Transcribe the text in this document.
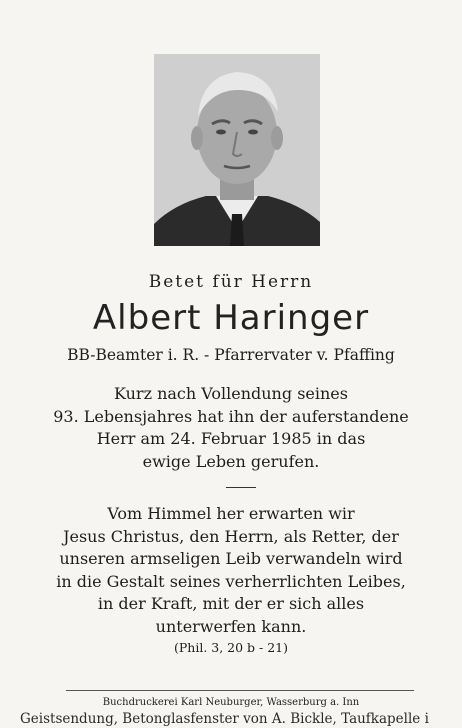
Betet für Herrn
Albert Haringer
BB-Beamter i. R. - Pfarrervater v. Pfaffing
Kurz nach Vollendung seines
93. Lebensjahres hat ihn der auferstandene
Herr am 24. Februar 1985 in das
ewige Leben gerufen.
Vom Himmel her erwarten wir
Jesus Christus, den Herrn, als Retter, der
unseren armseligen Leib verwandeln wird
in die Gestalt seines verherrlichten Leibes,
in der Kraft, mit der er sich alles
unterwerfen kann.
(Phil. 3, 20 b - 21)
Buchdruckerei Karl Neuburger, Wasserburg a. Inn
Geistsendung, Betonglasfenster von A. Bickle, Taufkapelle i
